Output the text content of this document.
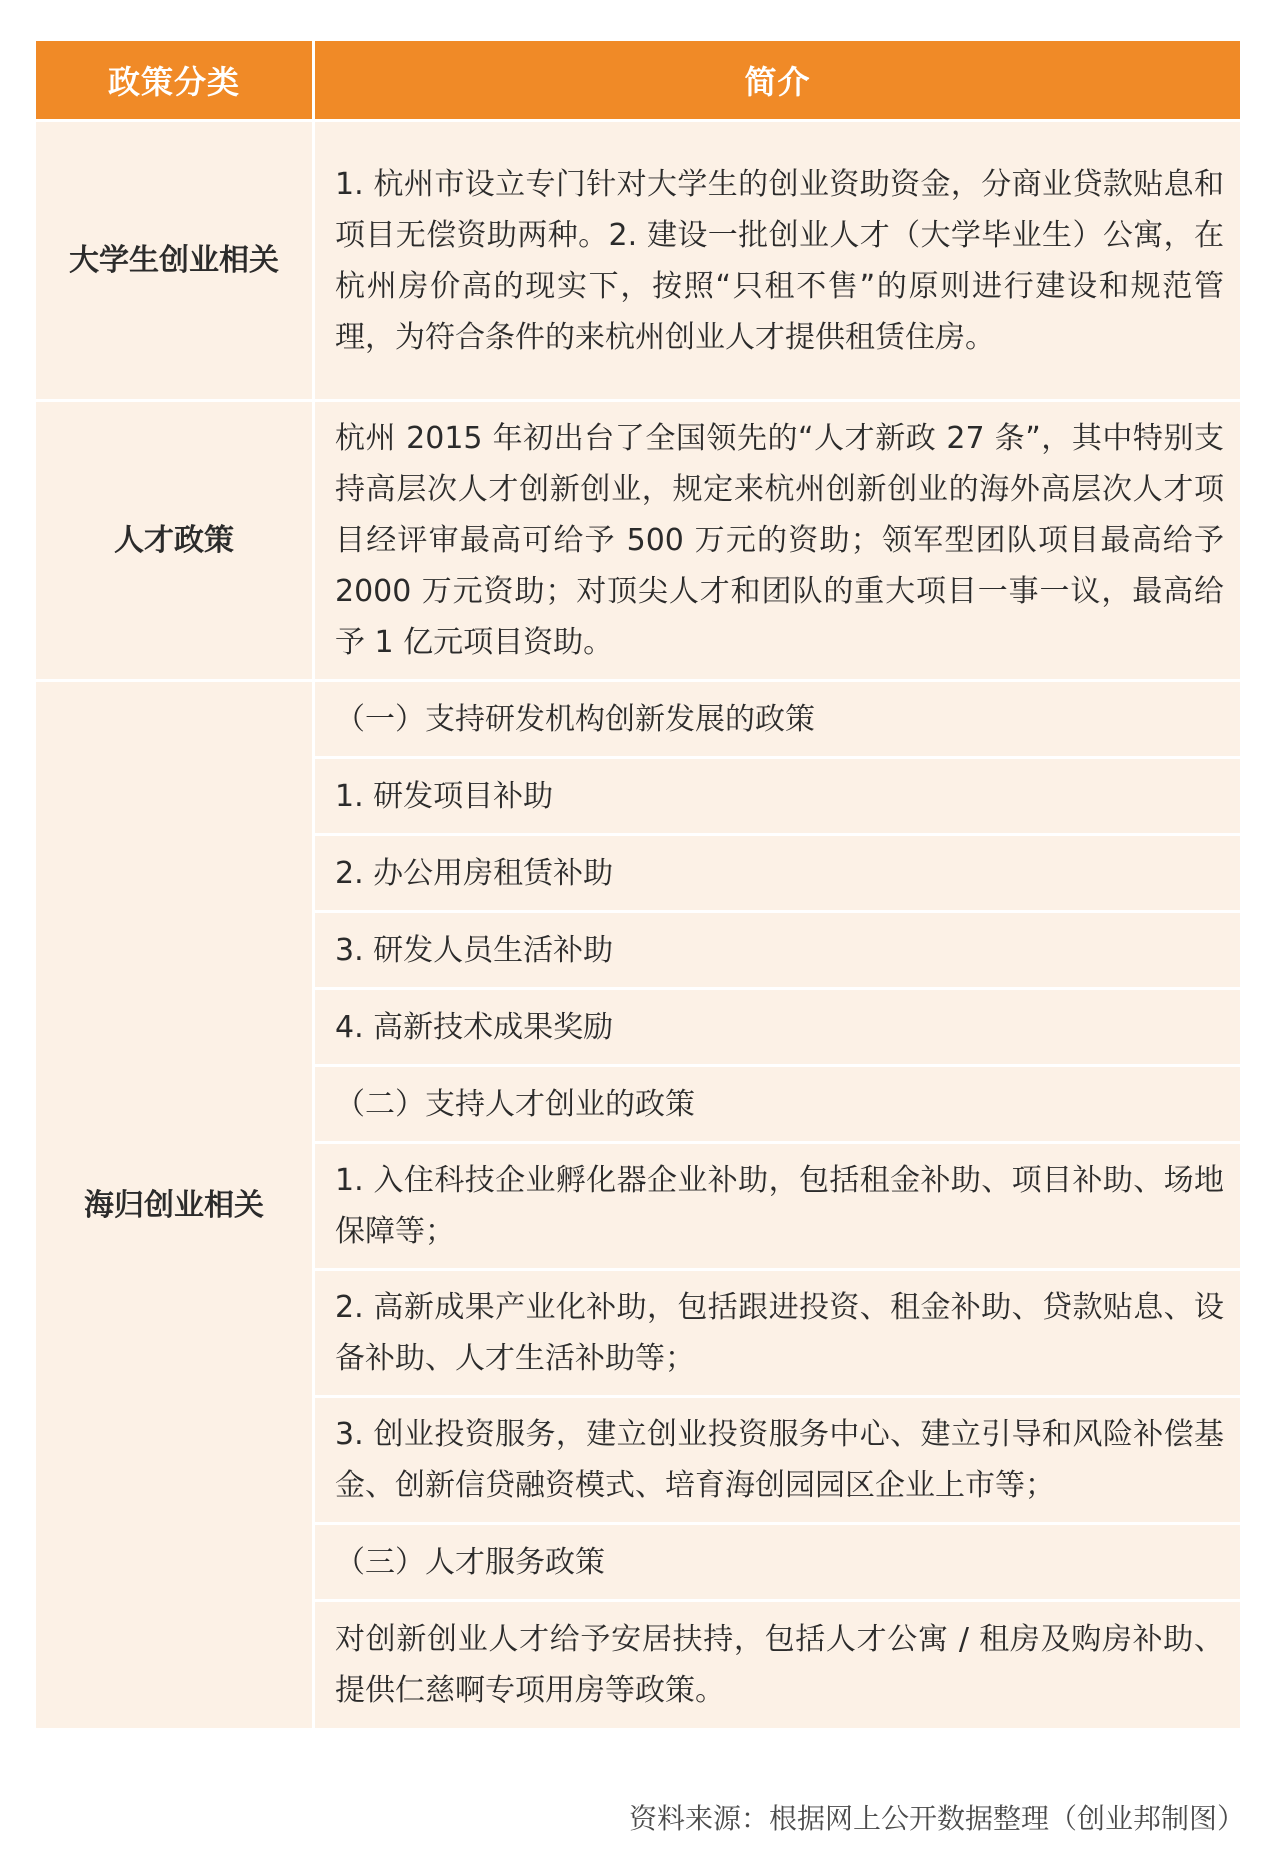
政策分类	简介
大学生创业相关	1. 杭州市设立专门针对大学生的创业资助资金，分商业贷款贴息和项目无偿资助两种。2. 建设一批创业人才（大学毕业生）公寓，在杭州房价高的现实下，按照“只租不售”的原则进行建设和规范管理，为符合条件的来杭州创业人才提供租赁住房。
人才政策	杭州 2015 年初出台了全国领先的“人才新政 27 条”，其中特别支持高层次人才创新创业，规定来杭州创新创业的海外高层次人才项目经评审最高可给予 500 万元的资助；领军型团队项目最高给予 2000 万元资助；对顶尖人才和团队的重大项目一事一议，最高给予 1 亿元项目资助。
海归创业相关	（一）支持研发机构创新发展的政策
	1. 研发项目补助
	2. 办公用房租赁补助
	3. 研发人员生活补助
	4. 高新技术成果奖励
	（二）支持人才创业的政策
	1. 入住科技企业孵化器企业补助，包括租金补助、项目补助、场地保障等；
	2. 高新成果产业化补助，包括跟进投资、租金补助、贷款贴息、设备补助、人才生活补助等；
	3. 创业投资服务，建立创业投资服务中心、建立引导和风险补偿基金、创新信贷融资模式、培育海创园园区企业上市等；
	（三）人才服务政策
	对创新创业人才给予安居扶持，包括人才公寓 / 租房及购房补助、提供仁慈啊专项用房等政策。
资料来源：根据网上公开数据整理（创业邦制图）
